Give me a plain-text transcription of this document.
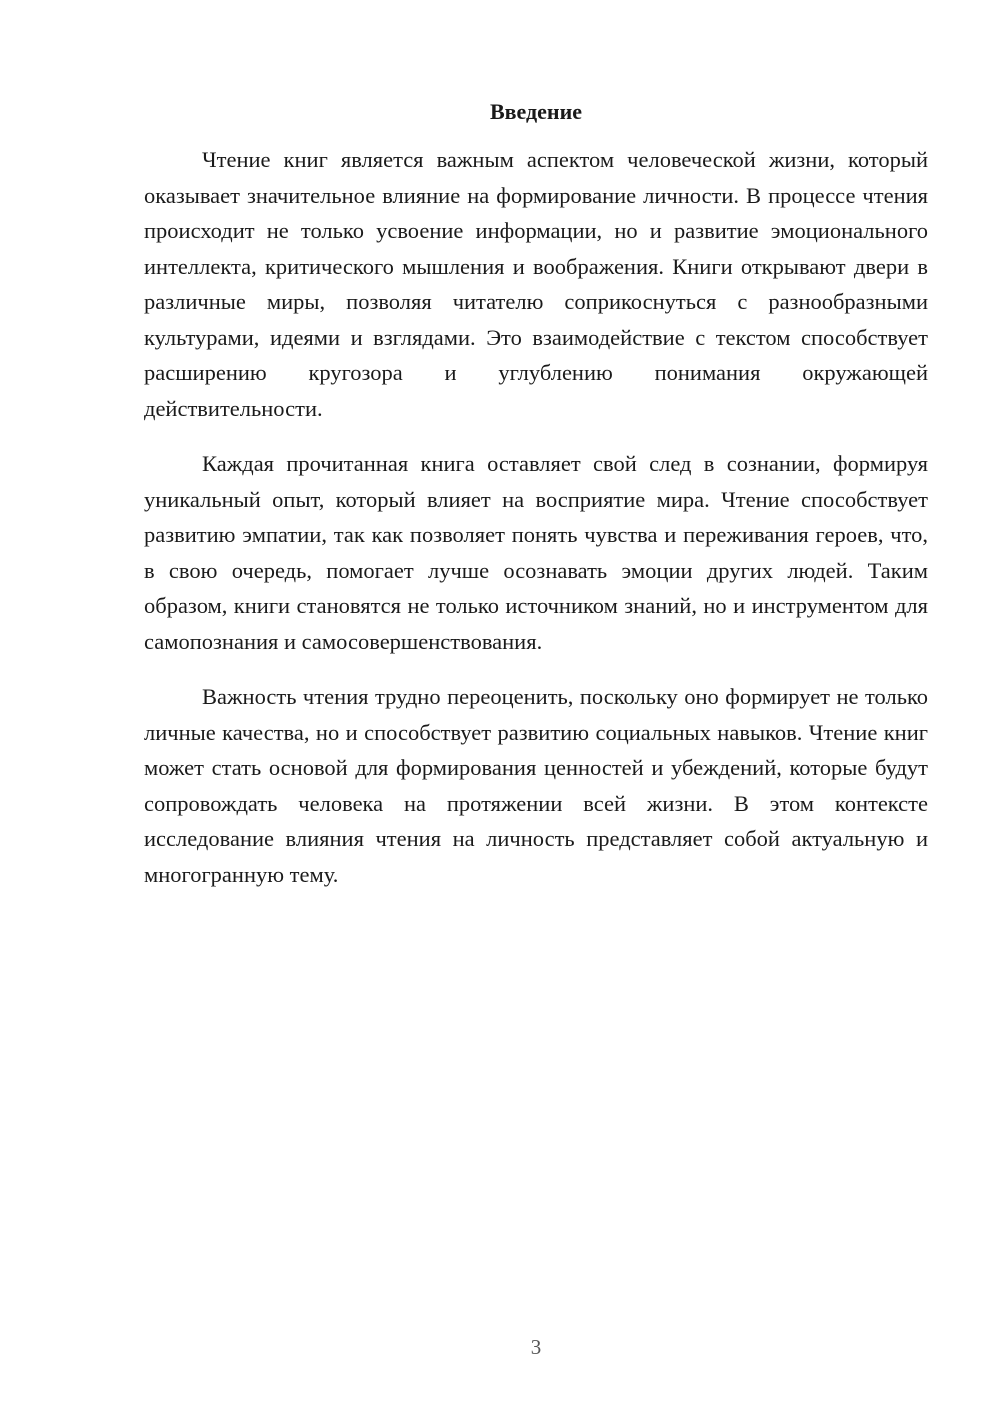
Введение

Чтение книг является важным аспектом человеческой жизни, который оказывает значительное влияние на формирование личности. В процессе чтения происходит не только усвоение информации, но и развитие эмоционального интеллекта, критического мышления и воображения. Книги открывают двери в различные миры, позволяя читателю соприкоснуться с разнообразными культурами, идеями и взглядами. Это взаимодействие с текстом способствует расширению кругозора и углублению понимания окружающей действительности.

Каждая прочитанная книга оставляет свой след в сознании, формируя уникальный опыт, который влияет на восприятие мира. Чтение способствует развитию эмпатии, так как позволяет понять чувства и переживания героев, что, в свою очередь, помогает лучше осознавать эмоции других людей. Таким образом, книги становятся не только источником знаний, но и инструментом для самопознания и самосовершенствования.

Важность чтения трудно переоценить, поскольку оно формирует не только личные качества, но и способствует развитию социальных навыков. Чтение книг может стать основой для формирования ценностей и убеждений, которые будут сопровождать человека на протяжении всей жизни. В этом контексте исследование влияния чтения на личность представляет собой актуальную и многогранную тему.

3
